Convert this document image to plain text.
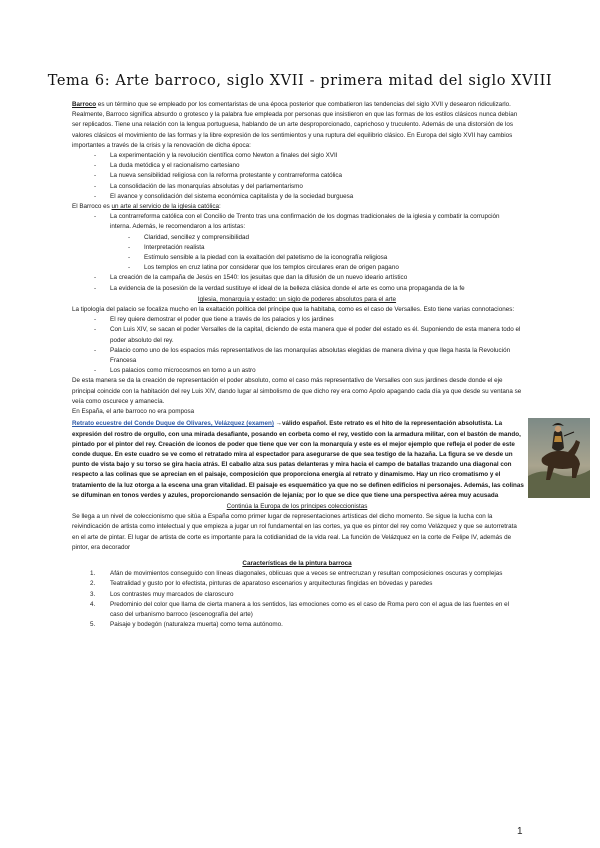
Tema 6: Arte barroco, siglo XVII - primera mitad del siglo XVIII

Barroco es un término que se empleado por los comentaristas de una época posterior que combatieron las tendencias del siglo XVII y desearon ridiculizarlo. Realmente, Barroco significa absurdo o grotesco y la palabra fue empleada por personas que insistieron en que las formas de los estilos clásicos nunca debían ser replicados. Tiene una relación con la lengua portuguesa, hablando de un arte desproporcionado, caprichoso y truculento. Además de una distorsión de los valores clásicos el movimiento de las formas y la libre expresión de los sentimientos y una ruptura del equilibrio clásico. En Europa del siglo XVII hay cambios importantes a través de la crisis y la renovación de dicha época:

- La experimentación y la revolución científica como Newton a finales del siglo XVII
- La duda metódica y el racionalismo cartesiano
- La nueva sensibilidad religiosa con la reforma protestante y contrarreforma católica
- La consolidación de las monarquías absolutas y del parlamentarismo
- El avance y consolidación del sistema económica capitalista y de la sociedad burguesa

El Barroco es un arte al servicio de la iglesia católica:

- La contrarreforma católica con el Concilio de Trento tras una confirmación de los dogmas tradicionales de la iglesia y combatir la corrupción interna. Además, le recomendaron a los artistas:
- Claridad, sencillez y comprensibilidad
- Interpretación realista
- Estímulo sensible a la piedad con la exaltación del patetismo de la iconografía religiosa
- Los templos en cruz latina por considerar que los templos circulares eran de origen pagano
- La creación de la campaña de Jesús en 1540: los jesuitas que dan la difusión de un nuevo ideario artístico
- La evidencia de la posesión de la verdad sustituye el ideal de la belleza clásica donde el arte es como una propaganda de la fe

Iglesia, monarquía y estado: un siglo de poderes absolutos para el arte

La tipología del palacio se focaliza mucho en la exaltación política del príncipe que la habitaba, como es el caso de Versalles. Esto tiene varias connotaciones:

- El rey quiere demostrar el poder que tiene a través de los palacios y los jardines
- Con Luis XIV, se sacan el poder Versalles de la capital, diciendo de esta manera que el poder del estado es él. Suponiendo de esta manera todo el poder absoluto del rey.
- Palacio como uno de los espacios más representativos de las monarquías absolutas elegidas de manera divina y que llega hasta la Revolución Francesa
- Los palacios como microcosmos en torno a un astro

De esta manera se da la creación de representación el poder absoluto, como el caso más representativo de Versalles con sus jardines desde donde el eje principal coincide con la habitación del rey Luis XIV, dando lugar al simbolismo de que dicho rey era como Apolo apagando cada día ya que desde su ventana se veía como oscurece y amanecía.

En España, el arte barroco no era pomposa

Retrato ecuestre del Conde Duque de Olivares, Velázquez (examen) →válido español. Este retrato es el hito de la representación absolutista. La expresión del rostro de orgullo, con una mirada desafiante, posando en corbeta como el rey, vestido con la armadura militar, con el bastón de mando, pintado por el pintor del rey. Creación de iconos de poder que tiene que ver con la monarquía y este es el mejor ejemplo que refleja el poder de este conde duque. En este cuadro se ve como el retratado mira al espectador para asegurarse de que sea testigo de la hazaña. La figura se ve desde un punto de vista bajo y su torso se gira hacia atrás. El caballo alza sus patas delanteras y mira hacia el campo de batallas trazando una diagonal con respecto a las colinas que se aprecian en el paisaje, composición que proporciona energía al retrato y dinamismo. Hay un rico cromatismo y el tratamiento de la luz otorga a la escena una gran vitalidad. El paisaje es esquemático ya que no se definen edificios ni personajes. Además, las colinas se difuminan en tonos verdes y azules, proporcionando sensación de lejanía; por lo que se dice que tiene una perspectiva aérea muy acusada

Continúa la Europa de los príncipes coleccionistas

Se llega a un nivel de coleccionismo que sitúa a España como primer lugar de representaciones artísticas del dicho momento. Se sigue la lucha con la reivindicación de artista como intelectual y que empieza a jugar un rol fundamental en las cortes, ya que es pintor del rey como Velázquez y que se autorretrata en el arte de pintar. El lugar de artista de corte es importante para la cotidianidad de la vida real. La función de Velázquez en la corte de Felipe IV, además de pintor, era decorador

Características de la pintura barroca

1. Afán de movimientos conseguido con líneas diagonales, oblicuas que a veces se entrecruzan y resultan composiciones oscuras y complejas
2. Teatralidad y gusto por lo efectista, pinturas de aparatoso escenarios y arquitecturas fingidas en bóvedas y paredes
3. Los contrastes muy marcados de claroscuro
4. Predominio del color que llama de cierta manera a los sentidos, las emociones como es el caso de Roma pero con el agua de las fuentes en el caso del urbanismo barroco (escenografía del arte)
5. Paisaje y bodegón (naturaleza muerta) como tema autónomo.
1
